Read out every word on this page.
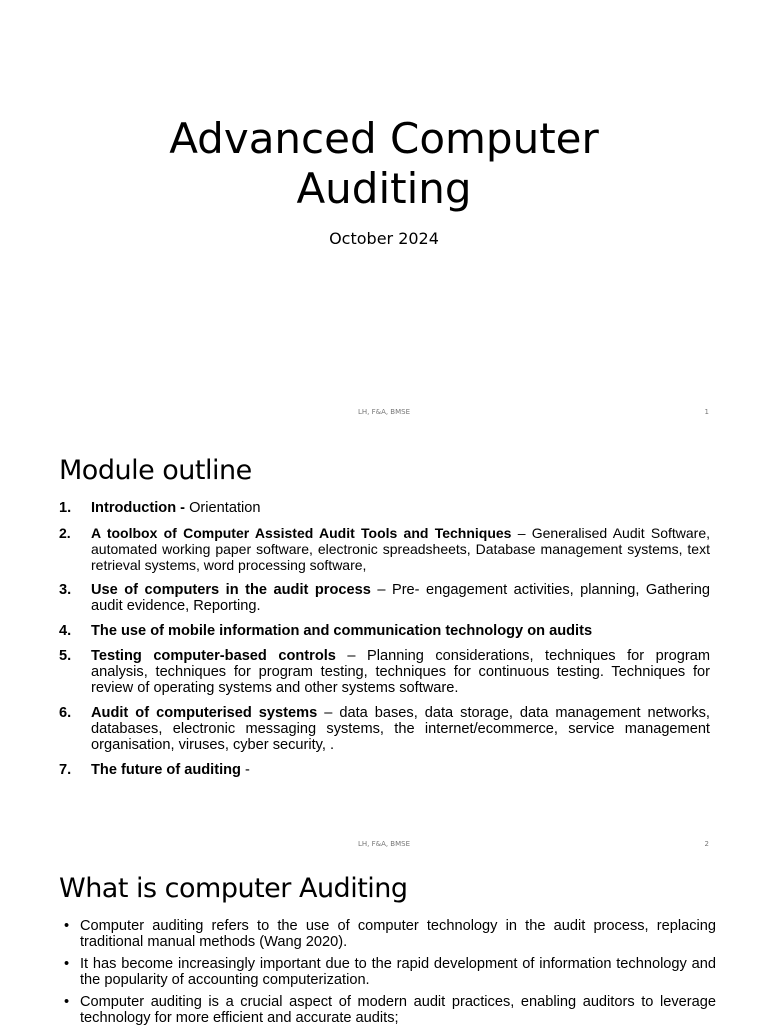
Advanced Computer
Auditing
October 2024
LH, F&A, BMSE	1
Module outline
1. Introduction - Orientation
2. A toolbox of Computer Assisted Audit Tools and Techniques – Generalised Audit Software, automated working paper software, electronic spreadsheets, Database management systems, text retrieval systems, word processing software,
3. Use of computers in the audit process – Pre- engagement activities, planning, Gathering audit evidence, Reporting.
4. The use of mobile information and communication technology on audits
5. Testing computer-based controls – Planning considerations, techniques for program analysis, techniques for program testing, techniques for continuous testing. Techniques for review of operating systems and other systems software.
6. Audit of computerised systems – data bases, data storage, data management networks, databases, electronic messaging systems, the internet/ecommerce, service management organisation, viruses, cyber security, .
7. The future of auditing -
LH, F&A, BMSE	2
What is computer Auditing
• Computer auditing refers to the use of computer technology in the audit process, replacing traditional manual methods (Wang 2020).
• It has become increasingly important due to the rapid development of information technology and the popularity of accounting computerization.
• Computer auditing is a crucial aspect of modern audit practices, enabling auditors to leverage technology for more efficient and accurate audits;
